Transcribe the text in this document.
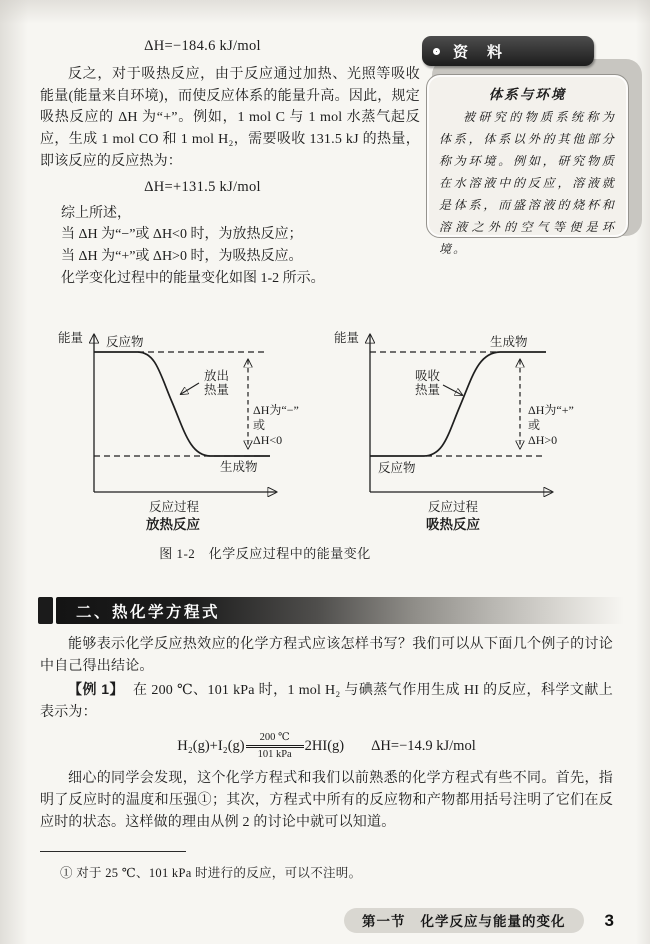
ΔH=−184.6 kJ/mol

反之，对于吸热反应，由于反应通过加热、光照等吸收能量(能量来自环境)，而使反应体系的能量升高。因此，规定吸热反应的 ΔH 为“+”。例如，1 mol C 与 1 mol 水蒸气起反应，生成 1 mol CO 和 1 mol H₂，需要吸收 131.5 kJ 的热量，即该反应的反应热为：

ΔH=+131.5 kJ/mol

综上所述，

当 ΔH 为“−”或 ΔH<0 时，为放热反应；

当 ΔH 为“+”或 ΔH>0 时，为吸热反应。

化学变化过程中的能量变化如图 1-2 所示。

资　料
体系与环境

被研究的物质系统称为体系，体系以外的其他部分称为环境。例如，研究物质在水溶液中的反应，溶液就是体系，而盛溶液的烧杯和溶液之外的空气等便是环境。

能量 反应物
生成物
放出
热量
ΔH为“−”
或
ΔH<0
反应过程
放热反应
能量	生成物
反应物
吸收
热量
ΔH为“+”
或
ΔH>0
反应过程
吸热反应
图 1-2　化学反应过程中的能量变化
二、热化学方程式

能够表示化学反应热效应的化学方程式应该怎样书写？我们可以从下面几个例子的讨论中自己得出结论。

【例 1】 在 200 ℃、101 kPa 时，1 mol H₂ 与碘蒸气作用生成 HI 的反应，科学文献上表示为：

H₂(g)+I₂(g)
200 ℃
101 kPa
2HI(g) ΔH=−14.9 kJ/mol

细心的同学会发现，这个化学方程式和我们以前熟悉的化学方程式有些不同。首先，指明了反应时的温度和压强①；其次，方程式中所有的反应物和产物都用括号注明了它们在反应时的状态。这样做的理由从例 2 的讨论中就可以知道。

① 对于 25 ℃、101 kPa 时进行的反应，可以不注明。
第一节 化学反应与能量的变化 3
